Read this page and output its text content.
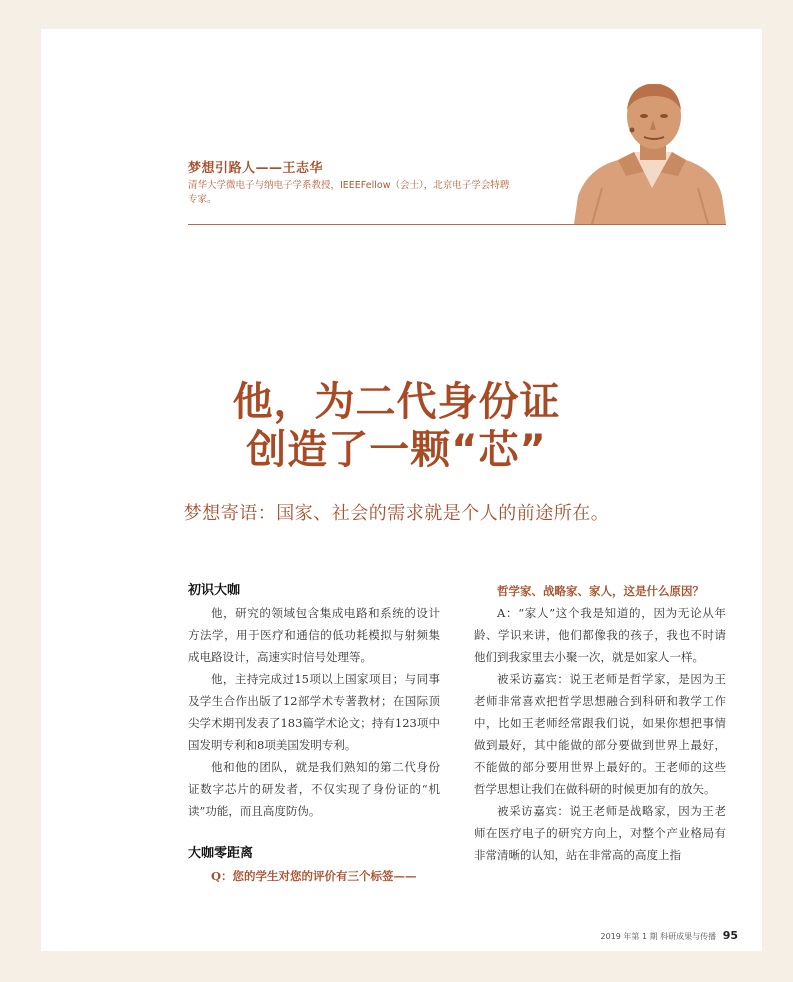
梦想引路人——王志华
清华大学微电子与纳电子学系教授，IEEEFellow（会士），北京电子学会特聘
专家。
他，为二代身份证
创造了一颗“芯”
梦想寄语：国家、社会的需求就是个人的前途所在。
初识大咖

他，研究的领域包含集成电路和系统的设计方法学，用于医疗和通信的低功耗模拟与射频集成电路设计，高速实时信号处理等。

他，主持完成过15项以上国家项目；与同事及学生合作出版了12部学术专著教材；在国际顶尖学术期刊发表了183篇学术论文；持有123项中国发明专利和8项美国发明专利。

他和他的团队，就是我们熟知的第二代身份证数字芯片的研发者，不仅实现了身份证的“机读”功能，而且高度防伪。

大咖零距离

Q：您的学生对您的评价有三个标签——

哲学家、战略家、家人，这是什么原因？

A：“家人”这个我是知道的，因为无论从年龄、学识来讲，他们都像我的孩子，我也不时请他们到我家里去小聚一次，就是如家人一样。

被采访嘉宾：说王老师是哲学家，是因为王老师非常喜欢把哲学思想融合到科研和教学工作中，比如王老师经常跟我们说，如果你想把事情做到最好，其中能做的部分要做到世界上最好，不能做的部分要用世界上最好的。王老师的这些哲学思想让我们在做科研的时候更加有的放矢。

被采访嘉宾：说王老师是战略家，因为王老师在医疗电子的研究方向上，对整个产业格局有非常清晰的认知，站在非常高的高度上指

2019 年第 1 期 科研成果与传播 95
